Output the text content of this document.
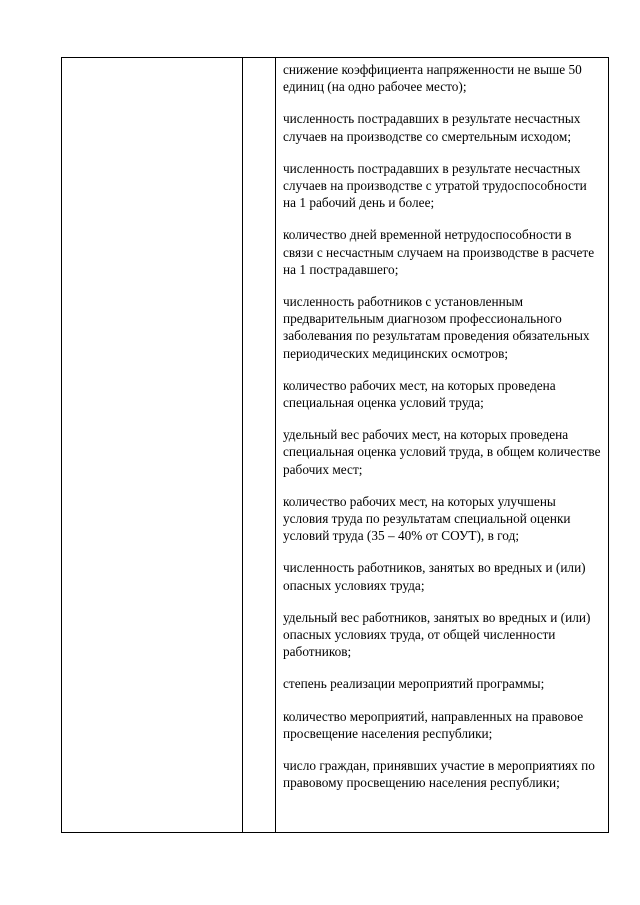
снижение коэффициента напряженности не выше 50 единиц (на одно рабочее место);

численность пострадавших в результате несчастных случаев на производстве со смертельным исходом;

численность пострадавших в результате несчастных случаев на производстве с утратой трудоспособности на 1 рабочий день и более;

количество дней временной нетрудоспособности в связи с несчастным случаем на производстве в расчете на 1 пострадавшего;

численность работников с установленным предварительным диагнозом профессионального заболевания по результатам проведения обязательных периодических медицинских осмотров;

количество рабочих мест, на которых проведена специальная оценка условий труда;

удельный вес рабочих мест, на которых проведена специальная оценка условий труда, в общем количестве рабочих мест;

количество рабочих мест, на которых улучшены условия труда по результатам специальной оценки условий труда (35 – 40% от СОУТ), в год;

численность работников, занятых во вредных и (или) опасных условиях труда;

удельный вес работников, занятых во вредных и (или) опасных условиях труда, от общей численности работников;

степень реализации мероприятий программы;

количество мероприятий, направленных на правовое просвещение населения республики;

число граждан, принявших участие в мероприятиях по правовому просвещению населения республики;
